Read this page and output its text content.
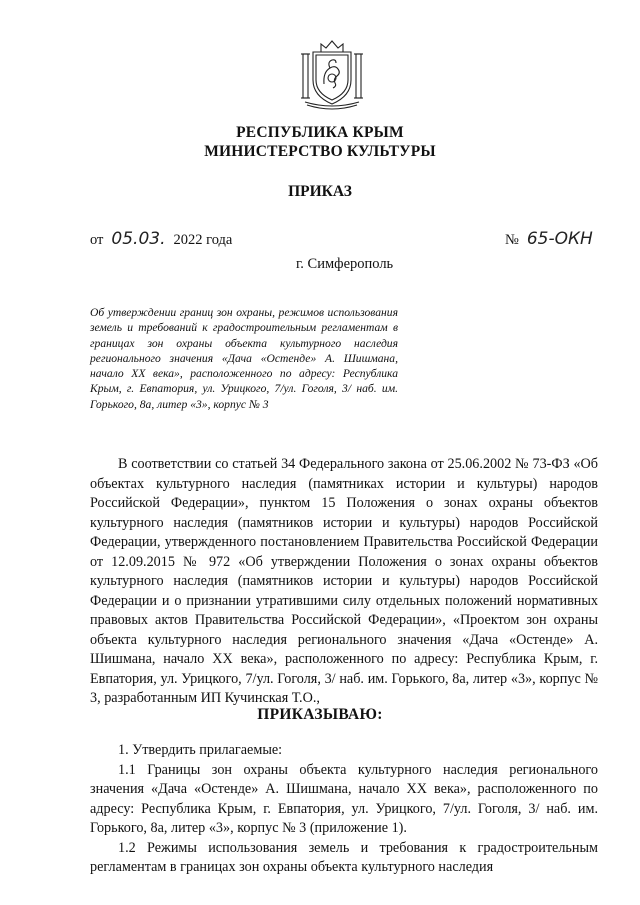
РЕСПУБЛИКА КРЫМ
МИНИСТЕРСТВО КУЛЬТУРЫ
ПРИКАЗ
от 05.03. 2022 года	№ 65-ОКН
г. Симферополь
Об утверждении границ зон охраны, режимов использования земель и требований к градостроительным регламентам в границах зон охраны объекта культурного наследия регионального значения «Дача «Остенде» А. Шишмана, начало XX века», расположенного по адресу: Республика Крым, г. Евпатория, ул. Урицкого, 7/ул. Гоголя, 3/ наб. им. Горького, 8а, литер «3», корпус № 3
В соответствии со статьей 34 Федерального закона от 25.06.2002 № 73-ФЗ «Об объектах культурного наследия (памятниках истории и культуры) народов Российской Федерации», пунктом 15 Положения о зонах охраны объектов культурного наследия (памятников истории и культуры) народов Российской Федерации, утвержденного постановлением Правительства Российской Федерации от 12.09.2015 № 972 «Об утверждении Положения о зонах охраны объектов культурного наследия (памятников истории и культуры) народов Российской Федерации и о признании утратившими силу отдельных положений нормативных правовых актов Правительства Российской Федерации», «Проектом зон охраны объекта культурного наследия регионального значения «Дача «Остенде» А. Шишмана, начало XX века», расположенного по адресу: Республика Крым, г. Евпатория, ул. Урицкого, 7/ул. Гоголя, 3/ наб. им. Горького, 8а, литер «3», корпус № 3, разработанным ИП Кучинская Т.О.,
ПРИКАЗЫВАЮ:

1. Утвердить прилагаемые:

1.1 Границы зон охраны объекта культурного наследия регионального значения «Дача «Остенде» А. Шишмана, начало XX века», расположенного по адресу: Республика Крым, г. Евпатория, ул. Урицкого, 7/ул. Гоголя, 3/ наб. им. Горького, 8а, литер «3», корпус № 3 (приложение 1).

1.2 Режимы использования земель и требования к градостроительным регламентам в границах зон охраны объекта культурного наследия
